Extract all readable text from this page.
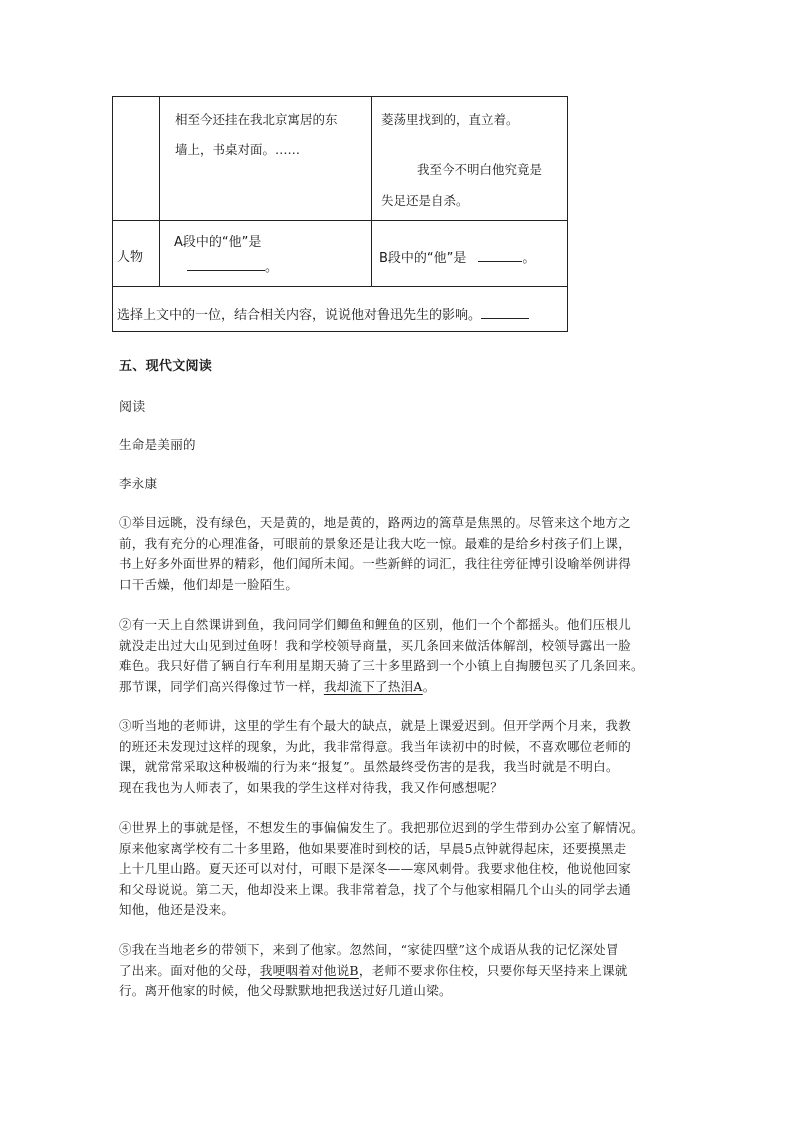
相至今还挂在我北京寓居的东
墙上，书桌对面。……
菱荡里找到的，直立着。
我至今不明白他究竟是
失足还是自杀。
人物
A段中的“他”是
。
B段中的“他”是	。
选择上文中的一位，结合相关内容，说说他对鲁迅先生的影响。
五、现代文阅读
阅读
生命是美丽的
李永康
①举目远眺，没有绿色，天是黄的，地是黄的，路两边的篙草是焦黑的。尽管来这个地方之
前，我有充分的心理准备，可眼前的景象还是让我大吃一惊。最难的是给乡村孩子们上课，
书上好多外面世界的精彩，他们闻所未闻。一些新鲜的词汇，我往往旁征博引设喻举例讲得
口干舌燥，他们却是一脸陌生。
②有一天上自然课讲到鱼，我问同学们鲫鱼和鲤鱼的区别，他们一个个都摇头。他们压根儿
就没走出过大山见到过鱼呀！我和学校领导商量，买几条回来做活体解剖，校领导露出一脸
难色。我只好借了辆自行车利用星期天骑了三十多里路到一个小镇上自掏腰包买了几条回来。
那节课，同学们高兴得像过节一样，我却流下了热泪A。
③听当地的老师讲，这里的学生有个最大的缺点，就是上课爱迟到。但开学两个月来，我教
的班还未发现过这样的现象，为此，我非常得意。我当年读初中的时候，不喜欢哪位老师的
课，就常常采取这种极端的行为来“报复”。虽然最终受伤害的是我，我当时就是不明白。
现在我也为人师表了，如果我的学生这样对待我，我又作何感想呢？
④世界上的事就是怪，不想发生的事偏偏发生了。我把那位迟到的学生带到办公室了解情况。
原来他家离学校有二十多里路，他如果要准时到校的话，早晨5点钟就得起床，还要摸黑走
上十几里山路。夏天还可以对付，可眼下是深冬——寒风刺骨。我要求他住校，他说他回家
和父母说说。第二天，他却没来上课。我非常着急，找了个与他家相隔几个山头的同学去通
知他，他还是没来。
⑤我在当地老乡的带领下，来到了他家。忽然间，“家徒四壁”这个成语从我的记忆深处冒
了出来。面对他的父母，我哽咽着对他说B，老师不要求你住校，只要你每天坚持来上课就
行。离开他家的时候，他父母默默地把我送过好几道山梁。
